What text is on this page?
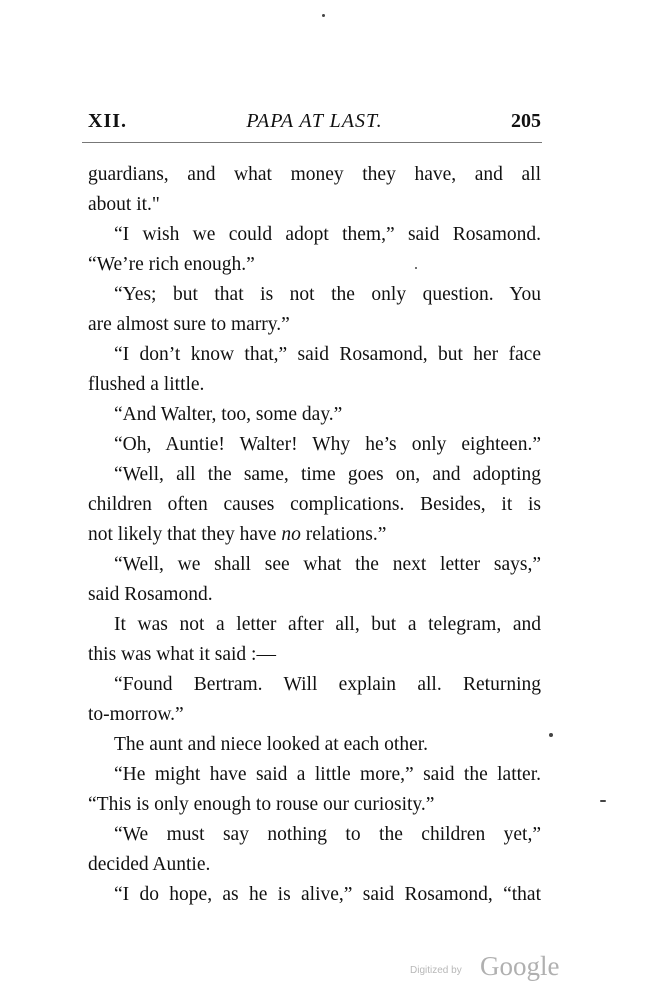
XII.	PAPA AT LAST.	205
guardians, and what money they have, and all
about it."
“I wish we could adopt them,” said Rosamond.
“We’re rich enough.”
“Yes; but that is not the only question. You
are almost sure to marry.”
“I don’t know that,” said Rosamond, but her face
flushed a little.
“And Walter, too, some day.”
“Oh, Auntie! Walter! Why he’s only eighteen.”
“Well, all the same, time goes on, and adopting
children often causes complications. Besides, it is
not likely that they have no relations.”
“Well, we shall see what the next letter says,”
said Rosamond.
It was not a letter after all, but a telegram, and
this was what it said :—
“Found Bertram. Will explain all. Returning
to-morrow.”
The aunt and niece looked at each other.
“He might have said a little more,” said the latter.
“This is only enough to rouse our curiosity.”
“We must say nothing to the children yet,”
decided Auntie.
“I do hope, as he is alive,” said Rosamond, “that
Digitized by Google
